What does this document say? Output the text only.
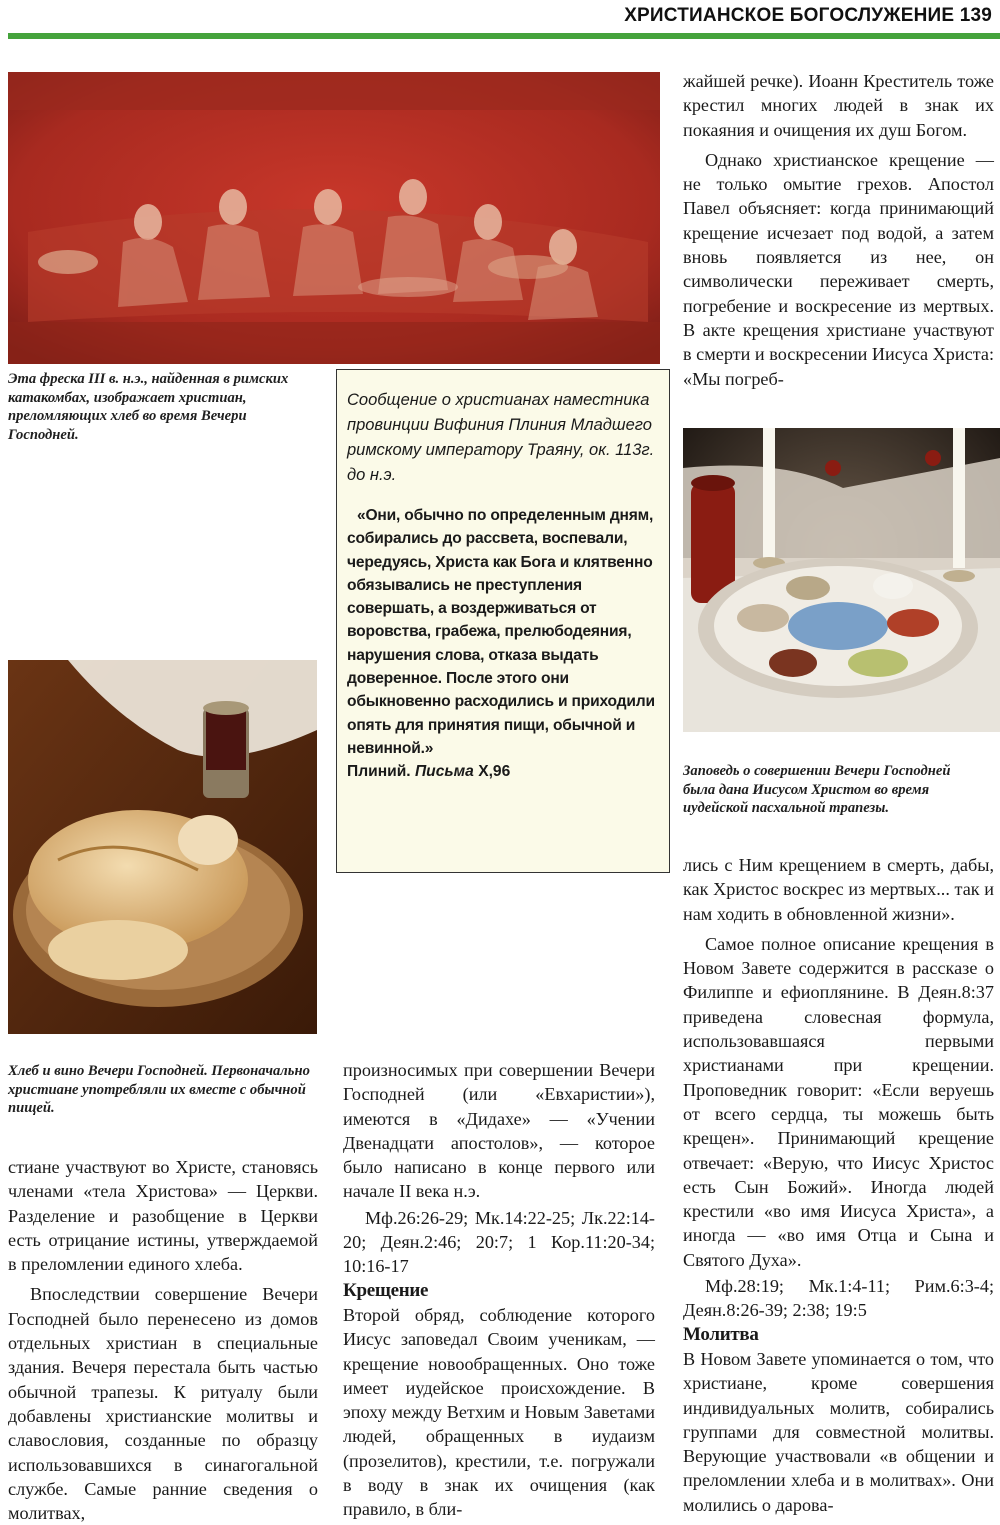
ХРИСТИАНСКОЕ БОГОСЛУЖЕНИЕ 139
Эта фреска III в. н.э., найденная в римских катакомбах, изображает христиан, преломляющих хлеб во время Вечери Господней.

Сообщение о христианах наместника провинции Вифиния Плиния Младшего римскому императору Траяну, ок. 113г. до н.э.

«Они, обычно по определенным дням, собирались до рассвета, воспевали, чередуясь, Христа как Бога и клятвенно обязывались не преступления совершать, а воздерживаться от воровства, грабежа, прелюбодеяния, нарушения слова, отказа выдать доверенное. После этого они обыкновенно расходились и приходили опять для принятия пищи, обычной и невинной.»

Плиний. Письма X,96

Хлеб и вино Вечери Господней. Первоначально христиане употребляли их вместе с обычной пищей.
Заповедь о совершении Вечери Господней была дана Иисусом Христом во время иудейской пасхальной трапезы.

стиане участвуют во Христе, становясь членами «тела Христова» — Церкви. Разделение и разобщение в Церкви есть отрицание истины, утверждаемой в преломлении единого хлеба.

Впоследствии совершение Вечери Господней было перенесено из домов отдельных христиан в специальные здания. Вечеря перестала быть частью обычной трапезы. К ритуалу были добавлены христианские молитвы и славословия, созданные по образцу использовавшихся в синагогальной службе. Самые ранние сведения о молитвах,

произносимых при совершении Вечери Господней (или «Евхаристии»), имеются в «Дидахе» — «Учении Двенадцати апостолов», — которое было написано в конце первого или начале II века н.э.

Мф.26:26-29; Мк.14:22-25; Лк.22:14-20; Деян.2:46; 20:7; 1 Кор.11:20-34; 10:16-17

Крещение

Второй обряд, соблюдение которого Иисус заповедал Своим ученикам, — крещение новообращенных. Оно тоже имеет иудейское происхождение. В эпоху между Ветхим и Новым Заветами людей, обращенных в иудаизм (прозелитов), крестили, т.е. погружали в воду в знак их очищения (как правило, в бли-

жайшей речке). Иоанн Креститель тоже крестил многих людей в знак их покаяния и очищения их душ Богом.

Однако христианское крещение — не только омытие грехов. Апостол Павел объясняет: когда принимающий крещение исчезает под водой, а затем вновь появляется из нее, он символически переживает смерть, погребение и воскресение из мертвых. В акте крещения христиане участвуют в смерти и воскресении Иисуса Христа: «Мы погреб-

лись с Ним крещением в смерть, дабы, как Христос воскрес из мертвых... так и нам ходить в обновленной жизни».

Самое полное описание крещения в Новом Завете содержится в рассказе о Филиппе и ефиоплянине. В Деян.8:37 приведена словесная формула, использовавшаяся первыми христианами при крещении. Проповедник говорит: «Если веруешь от всего сердца, ты можешь быть крещен». Принимающий крещение отвечает: «Верую, что Иисус Христос есть Сын Божий». Иногда людей крестили «во имя Иисуса Христа», а иногда — «во имя Отца и Сына и Святого Духа».

Мф.28:19; Мк.1:4-11; Рим.6:3-4; Деян.8:26-39; 2:38; 19:5

Молитва

В Новом Завете упоминается о том, что христиане, кроме совершения индивидуальных молитв, собирались группами для совместной молитвы. Верующие участвовали «в общении и преломлении хлеба и в молитвах». Они молились о дарова-
